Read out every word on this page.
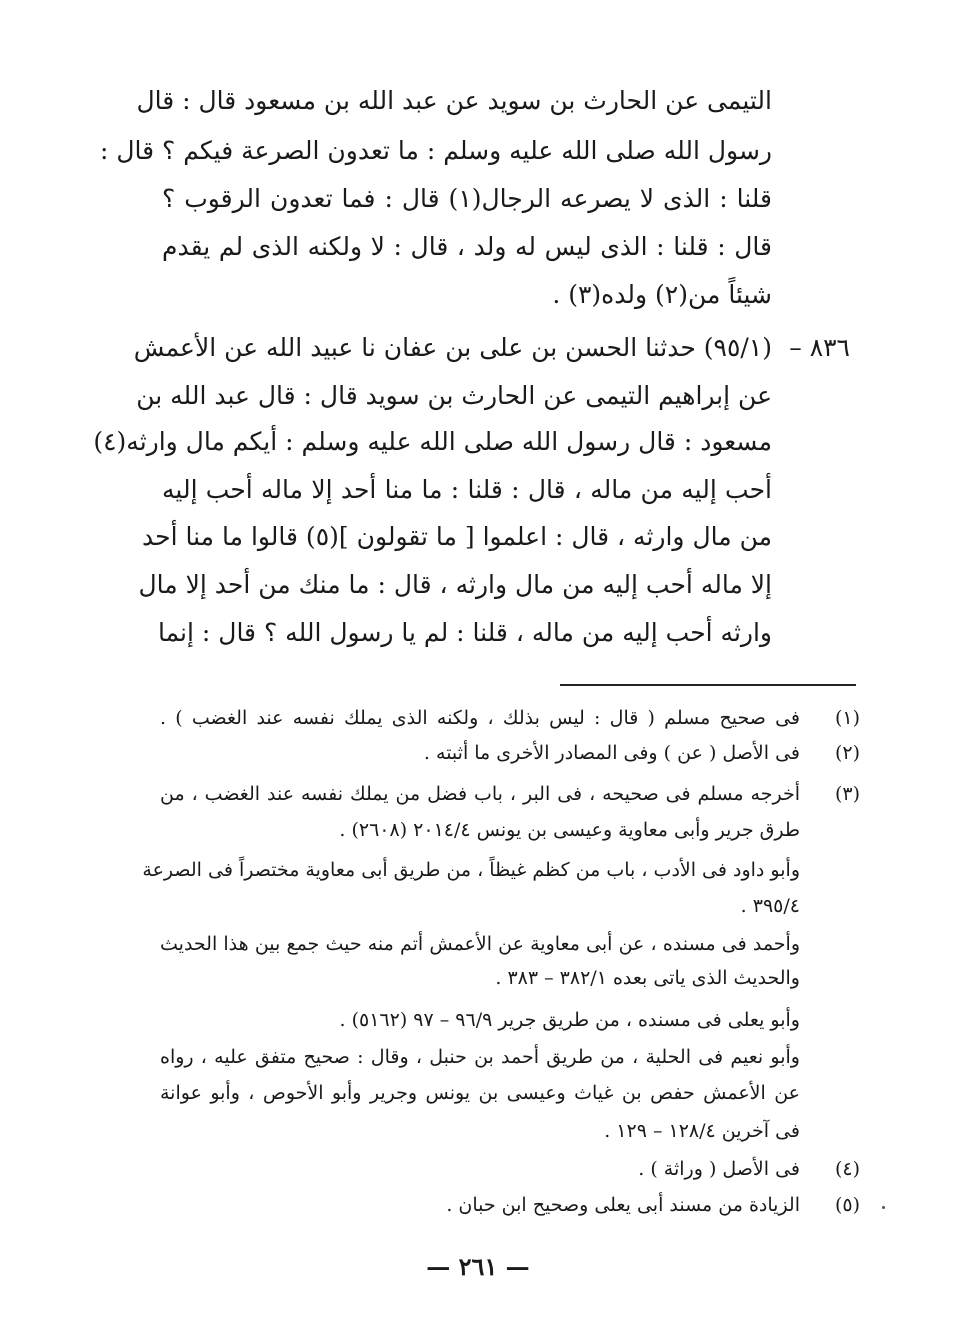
التيمى عن الحارث بن سويد عن عبد الله بن مسعود قال : قال
رسول الله صلى الله عليه وسلم : ما تعدون الصرعة فيكم ؟ قال :
قلنا : الذى لا يصرعه الرجال(١) قال : فما تعدون الرقوب ؟
قال : قلنا : الذى ليس له ولد ، قال : لا ولكنه الذى لم يقدم
شيئاً من(٢) ولده(٣) .
٨٣٦ –
(٩٥/١) حدثنا الحسن بن على بن عفان نا عبيد الله عن الأعمش
عن إبراهيم التيمى عن الحارث بن سويد قال : قال عبد الله بن
مسعود : قال رسول الله صلى الله عليه وسلم : أيكم مال وارثه(٤)
أحب إليه من ماله ، قال : قلنا : ما منا أحد إلا ماله أحب إليه
من مال وارثه ، قال : اعلموا [ ما تقولون ](٥) قالوا ما منا أحد
إلا ماله أحب إليه من مال وارثه ، قال : ما منك من أحد إلا مال
وارثه أحب إليه من ماله ، قلنا : لم يا رسول الله ؟ قال : إنما
(١)
فى صحيح مسلم ( قال : ليس بذلك ، ولكنه الذى يملك نفسه عند الغضب ) .
(٢)
فى الأصل ( عن ) وفى المصادر الأخرى ما أثبته .
(٣)
أخرجه مسلم فى صحيحه ، فى البر ، باب فضل من يملك نفسه عند الغضب ، من
طرق جرير وأبى معاوية وعيسى بن يونس ٢٠١٤/٤ (٢٦٠٨) .
وأبو داود فى الأدب ، باب من كظم غيظاً ، من طريق أبى معاوية مختصراً فى الصرعة
٣٩٥/٤ .
وأحمد فى مسنده ، عن أبى معاوية عن الأعمش أتم منه حيث جمع بين هذا الحديث
والحديث الذى ياتى بعده ٣٨٢/١ – ٣٨٣ .
وأبو يعلى فى مسنده ، من طريق جرير ٩٦/٩ – ٩٧ (٥١٦٢) .
وأبو نعيم فى الحلية ، من طريق أحمد بن حنبل ، وقال : صحيح متفق عليه ، رواه
عن الأعمش حفص بن غياث وعيسى بن يونس وجرير وأبو الأحوص ، وأبو عوانة
فى آخرين ١٢٨/٤ – ١٢٩ .
(٤)
فى الأصل ( وراثة ) .
(٥)
الزيادة من مسند أبى يعلى وصحيح ابن حبان .
— ٢٦١ —
